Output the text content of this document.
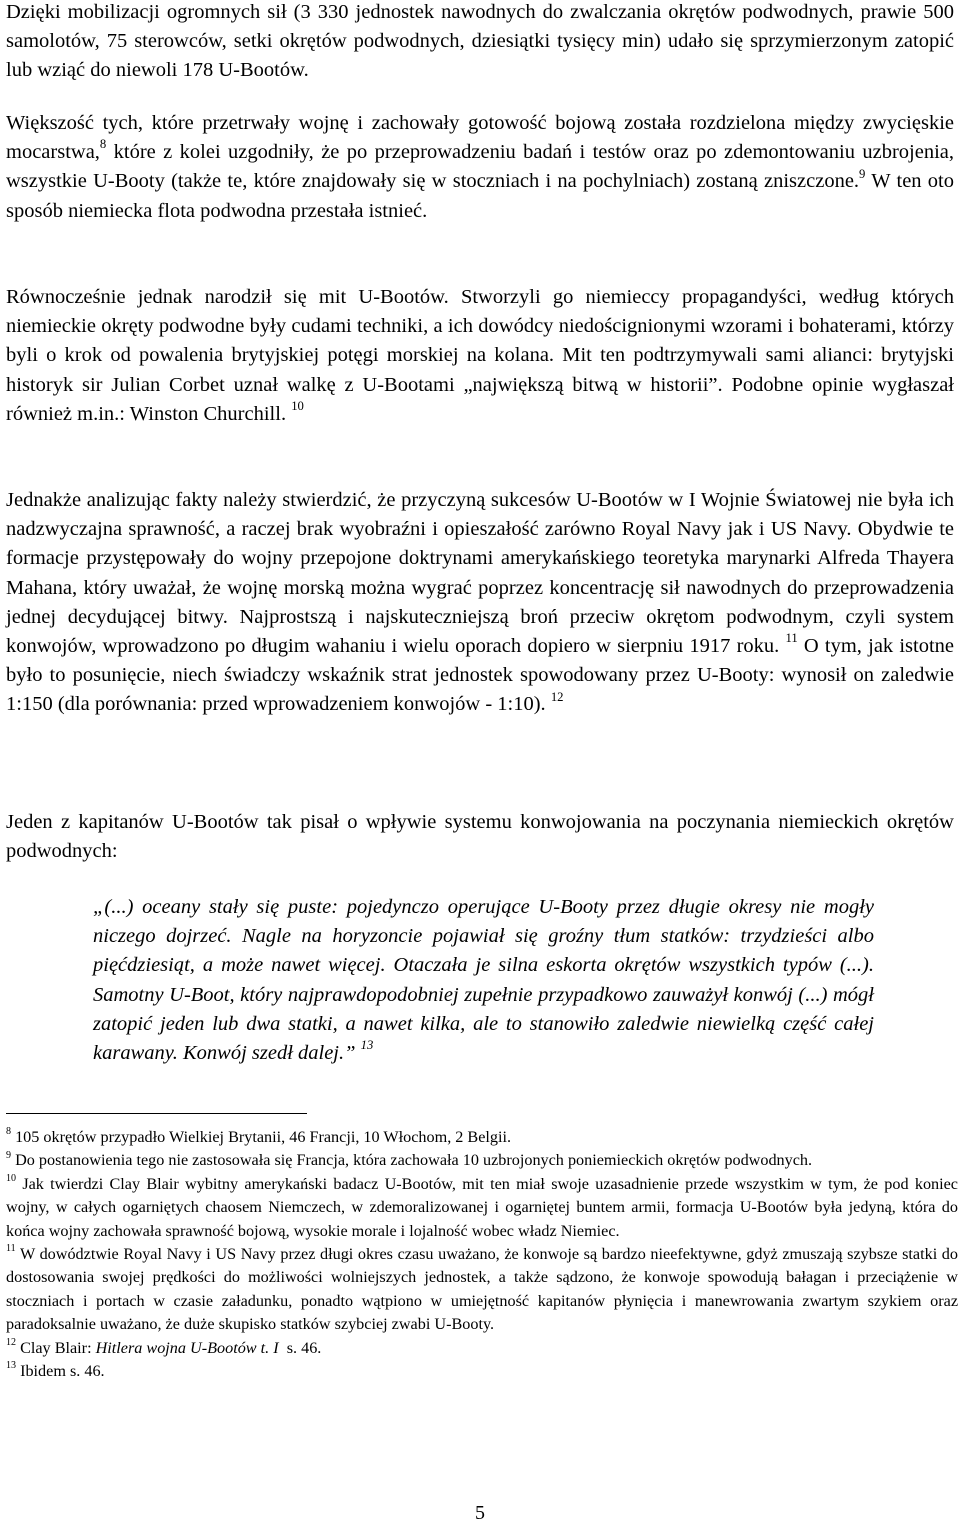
Dzięki mobilizacji ogromnych sił (3 330 jednostek nawodnych do zwalczania okrętów podwodnych, prawie 500 samolotów, 75 sterowców, setki okrętów podwodnych, dziesiątki tysięcy min) udało się sprzymierzonym zatopić lub wziąć do niewoli 178 U-Bootów.

Większość tych, które przetrwały wojnę i zachowały gotowość bojową została rozdzielona między zwycięskie mocarstwa,$^8$ które z kolei uzgodniły, że po przeprowadzeniu badań i testów oraz po zdemontowaniu uzbrojenia, wszystkie U-Booty (także te, które znajdowały się w stoczniach i na pochylniach) zostaną zniszczone.$^9$ W ten oto sposób niemiecka flota podwodna przestała istnieć.

Równocześnie jednak narodził się mit U-Bootów. Stworzyli go niemieccy propagandyści, według których niemieckie okręty podwodne były cudami techniki, a ich dowódcy niedoścignionymi wzorami i bohaterami, którzy byli o krok od powalenia brytyjskiej potęgi morskiej na kolana. Mit ten podtrzymywali sami alianci: brytyjski historyk sir Julian Corbet uznał walkę z U-Bootami „największą bitwą w historii”. Podobne opinie wygłaszał również m.in.: Winston Churchill. $^{10}$

Jednakże analizując fakty należy stwierdzić, że przyczyną sukcesów U-Bootów w I Wojnie Światowej nie była ich nadzwyczajna sprawność, a raczej brak wyobraźni i opieszałość zarówno Royal Navy jak i US Navy. Obydwie te formacje przystępowały do wojny przepojone doktrynami amerykańskiego teoretyka marynarki Alfreda Thayera Mahana, który uważał, że wojnę morską można wygrać poprzez koncentrację sił nawodnych do przeprowadzenia jednej decydującej bitwy. Najprostszą i najskuteczniejszą broń przeciw okrętom podwodnym, czyli system konwojów, wprowadzono po długim wahaniu i wielu oporach dopiero w sierpniu 1917 roku. $^{11}$ O tym, jak istotne było to posunięcie, niech świadczy wskaźnik strat jednostek spowodowany przez U-Booty: wynosił on zaledwie 1:150 (dla porównania: przed wprowadzeniem konwojów - 1:10). $^{12}$

Jeden z kapitanów U-Bootów tak pisał o wpływie systemu konwojowania na poczynania niemieckich okrętów podwodnych:

„(...) oceany stały się puste: pojedynczo operujące U-Booty przez długie okresy nie mogły niczego dojrzeć. Nagle na horyzoncie pojawiał się groźny tłum statków: trzydzieści albo pięćdziesiąt, a może nawet więcej. Otaczała je silna eskorta okrętów wszystkich typów (...). Samotny U-Boot, który najprawdopodobniej zupełnie przypadkowo zauważył konwój (...) mógł zatopić jeden lub dwa statki, a nawet kilka, ale to stanowiło zaledwie niewielką część całej karawany. Konwój szedł dalej.” $^{13}$

$^8$ 105 okrętów przypadło Wielkiej Brytanii, 46 Francji, 10 Włochom, 2 Belgii.

$^9$ Do postanowienia tego nie zastosowała się Francja, która zachowała 10 uzbrojonych poniemieckich okrętów podwodnych.

$^{10}$ Jak twierdzi Clay Blair wybitny amerykański badacz U-Bootów, mit ten miał swoje uzasadnienie przede wszystkim w tym, że pod koniec wojny, w całych ogarniętych chaosem Niemczech, w zdemoralizowanej i ogarniętej buntem armii, formacja U-Bootów była jedyną, która do końca wojny zachowała sprawność bojową, wysokie morale i lojalność wobec władz Niemiec.

$^{11}$ W dowództwie Royal Navy i US Navy przez długi okres czasu uważano, że konwoje są bardzo nieefektywne, gdyż zmuszają szybsze statki do dostosowania swojej prędkości do możliwości wolniejszych jednostek, a także sądzono, że konwoje spowodują bałagan i przeciążenie w stoczniach i portach w czasie załadunku, ponadto wątpiono w umiejętność kapitanów płynięcia i manewrowania zwartym szykiem oraz paradoksalnie uważano, że duże skupisko statków szybciej zwabi U-Booty.

$^{12}$ Clay Blair: Hitlera wojna U-Bootów t. I  s. 46.

$^{13}$ Ibidem s. 46.

5
